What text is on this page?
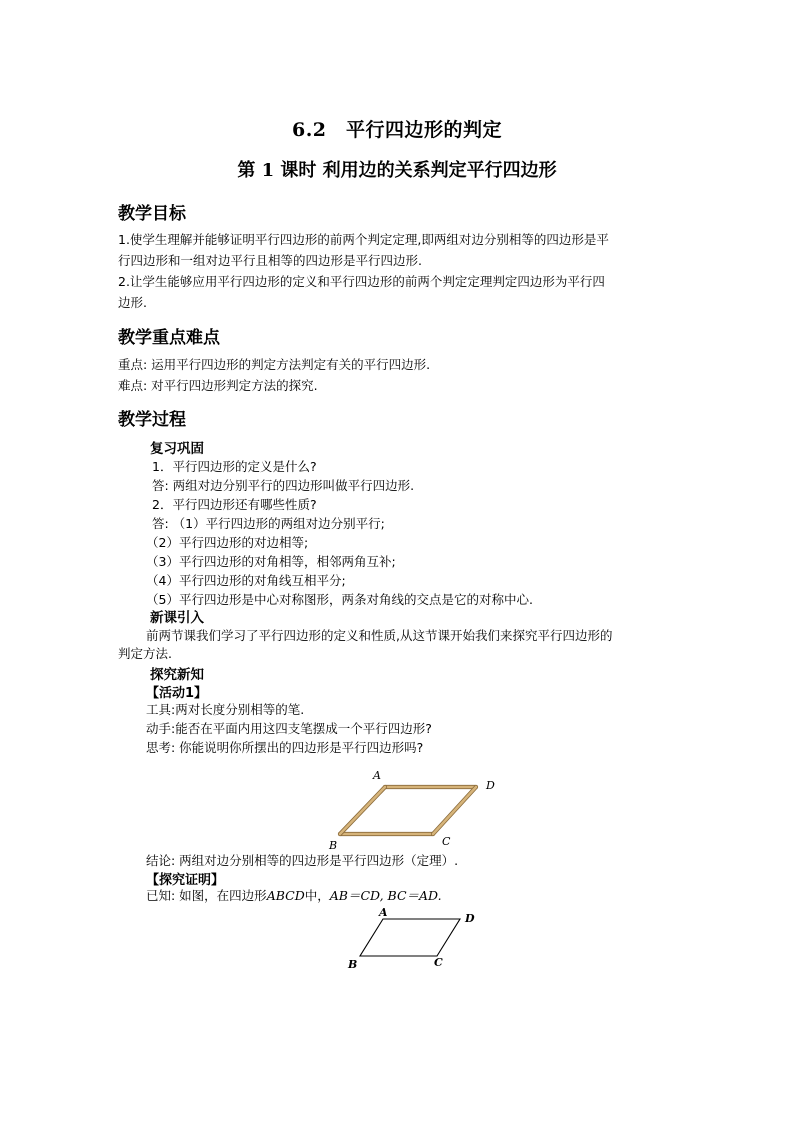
6.2　平行四边形的判定
第 1 课时 利用边的关系判定平行四边形
教学目标
1.使学生理解并能够证明平行四边形的前两个判定定理,即两组对边分别相等的四边形是平
行四边形和一组对边平行且相等的四边形是平行四边形.
2.让学生能够应用平行四边形的定义和平行四边形的前两个判定定理判定四边形为平行四
边形.
教学重点难点
重点: 运用平行四边形的判定方法判定有关的平行四边形.
难点: 对平行四边形判定方法的探究.
教学过程
复习巩固
1．平行四边形的定义是什么?
答: 两组对边分别平行的四边形叫做平行四边形.
2．平行四边形还有哪些性质?
答: （1）平行四边形的两组对边分别平行;
（2）平行四边形的对边相等;
（3）平行四边形的对角相等，相邻两角互补;
（4）平行四边形的对角线互相平分;
（5）平行四边形是中心对称图形，两条对角线的交点是它的对称中心.
新课引入
前两节课我们学习了平行四边形的定义和性质,从这节课开始我们来探究平行四边形的
判定方法.
探究新知
【活动1】
工具:两对长度分别相等的笔.
动手:能否在平面内用这四支笔摆成一个平行四边形?
思考: 你能说明你所摆出的四边形是平行四边形吗?
A
D
B	C
结论: 两组对边分别相等的四边形是平行四边形（定理）.
【探究证明】
已知: 如图，在四边形ABCD中，AB＝CD, BC＝AD.
A	D
B	C
